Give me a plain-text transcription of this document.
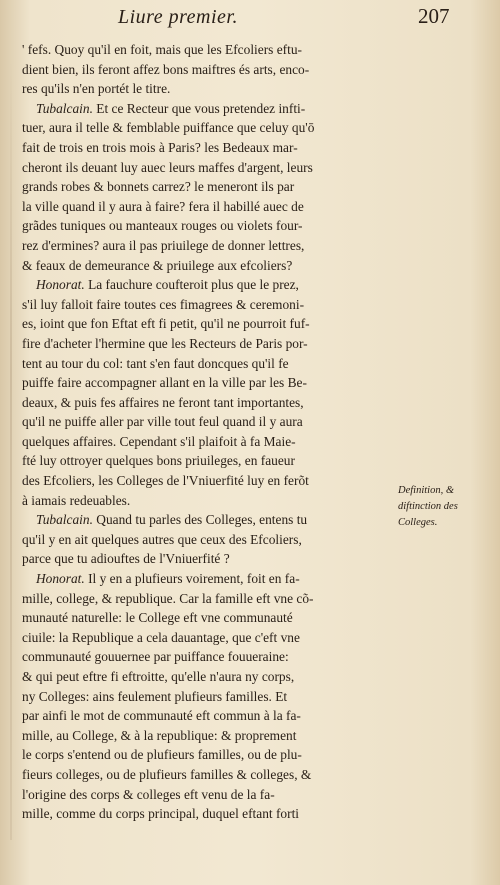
Liure premier.	207
' fefs. Quoy qu'il en foit, mais que les Efcoliers eftu-
dient bien, ils feront affez bons maiftres és arts, enco-
res qu'ils n'en portét le titre.
Tubalcain. Et ce Recteur que vous pretendez infti-
tuer, aura il telle & femblable puiffance que celuy qu'ō
fait de trois en trois mois à Paris? les Bedeaux mar-
cheront ils deuant luy auec leurs maffes d'argent, leurs
grands robes & bonnets carrez? le meneront ils par
la ville quand il y aura à faire? fera il habillé auec de
grãdes tuniques ou manteaux rouges ou violets four-
rez d'ermines? aura il pas priuilege de donner lettres,
& feaux de demeurance & priuilege aux efcoliers?
Honorat. La fauchure coufteroit plus que le prez,
s'il luy falloit faire toutes ces fimagrees & ceremoni-
es, ioint que fon Eftat eft fi petit, qu'il ne pourroit fuf-
fire d'acheter l'hermine que les Recteurs de Paris por-
tent au tour du col: tant s'en faut doncques qu'il fe
puiffe faire accompagner allant en la ville par les Be-
deaux, & puis fes affaires ne feront tant importantes,
qu'il ne puiffe aller par ville tout feul quand il y aura
quelques affaires. Cependant s'il plaifoit à fa Maie-
fté luy ottroyer quelques bons priuileges, en faueur
des Efcoliers, les Colleges de l'Vniuerfité luy en ferõt
à iamais redeuables.
Tubalcain. Quand tu parles des Colleges, entens tu
qu'il y en ait quelques autres que ceux des Efcoliers,
parce que tu adiouftes de l'Vniuerfité ?
Honorat. Il y en a plufieurs voirement, foit en fa-
mille, college, & republique. Car la famille eft vne cõ-
munauté naturelle: le College eft vne communauté
ciuile: la Republique a cela dauantage, que c'eft vne
communauté gouuernee par puiffance fouueraine:
& qui peut eftre fi eftroitte, qu'elle n'aura ny corps,
ny Colleges: ains feulement plufieurs familles. Et
par ainfi le mot de communauté eft commun à la fa-
mille, au College, & à la republique: & proprement
le corps s'entend ou de plufieurs familles, ou de plu-
fieurs colleges, ou de plufieurs familles & colleges, &
l'origine des corps & colleges eft venu de la fa-
mille, comme du corps principal, duquel eftant forti
Definition, &
diftinction des
Colleges.
